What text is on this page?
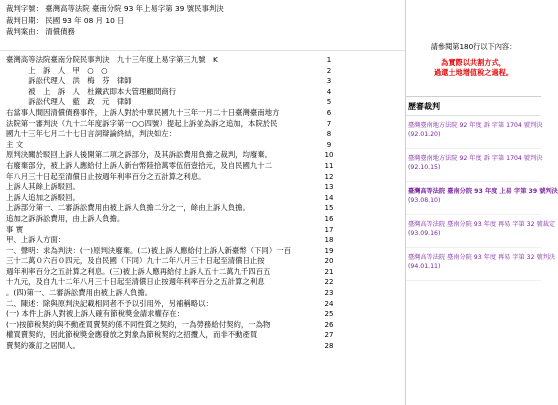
裁判字號： 臺灣高等法院 臺南分院 93 年上易字第 39 號民事判決
裁判日期： 民國 93 年 08 月 10 日
裁判案由： 清償債務
臺灣高等法院臺南分院民事判決　九十三年度上易字第三九號　K	1
　　　上　訴　人　甲　○　○	2
　　　訴訟代理人　洪　梅　芬　律師	3
　　　被　上　訴　人　杜鐵武即本大管理顧問商行	4
　　　訴訟代理人　藍　政　元　律師	5
右當事人間因清償債務事件，上訴人對於中華民國九十三年一月二十日臺灣臺南地方	6
法院第一審判決（九十二年度訴字第一○○四號）提起上訴並為訴之追加，本院於民	7
國九十三年七月二十七日言詞辯論終結，判決如左：	8
主 文	9
原判決關於駁回上訴人後開第二項之訴部分，及其訴訟費用負擔之裁判，均廢棄。	10
右廢棄部分，被上訴人應給付上訴人新台幣陸拾萬零伍佰壹拾元，及自民國九十二	11
年八月三十日起至清償日止按週年利率百分之五計算之利息。	12
上訴人其餘上訴駁回。	13
上訴人追加之訴駁回。	14
上訴部分第一、二審訴訟費用由被上訴人負擔二分之一，餘由上訴人負擔。	15
追加之訴訴訟費用，由上訴人負擔。	16
事 實	17
甲、上訴人方面：	18
一、聲明：求為判決：(一)原判決廢棄。(二)被上訴人應給付上訴人新臺幣（下同）一百	19
三十二萬０六百０四元，及自民國（下同）九十二年八月三十日起至清償日止按	20
週年利率百分之五計算之利息。(三)被上訴人應再給付上訴人五十二萬九千四百五	21
十九元，及自九十二年八月三十日起至清償日止按週年利率百分之五計算之利息	22
。(四)第一、二審訴訟費用由被上訴人負擔。	23
二、陳述：除與原判決記載相同者不予以引用外，另補稱略以：	24
(一) 本件上訴人對被上訴人確有節稅獎金請求權存在：	25
(一)按節稅契約與不動產買賣契約係不同性質之契約，一為勞務給付契約，一為物	26
權買賣契約，因此節稅獎金應發放之對象為節稅契約之招攬人，而非不動產買	27
賣契約簽訂之居間人。	28
請參閱第180行以下內容：
為實際以共割方式，
過還土地增值稅之過程。
歷審裁判
臺灣臺南地方法院 92 年度 訴 字第 1704 號判決
(92.01.20)
臺灣臺南地方法院 92 年度 訴 字第 1704 號判決
(92.10.15)
臺灣高等法院 臺南分院 93 年度 上易 字第 39 號判決
(93.08.10)
臺灣高等法院 臺南分院 93 年度 再易 字第 32 號裁定
(93.09.16)
臺灣高等法院 臺南分院 93 年度 再易 字第 32 號判決
(94.01.11)
